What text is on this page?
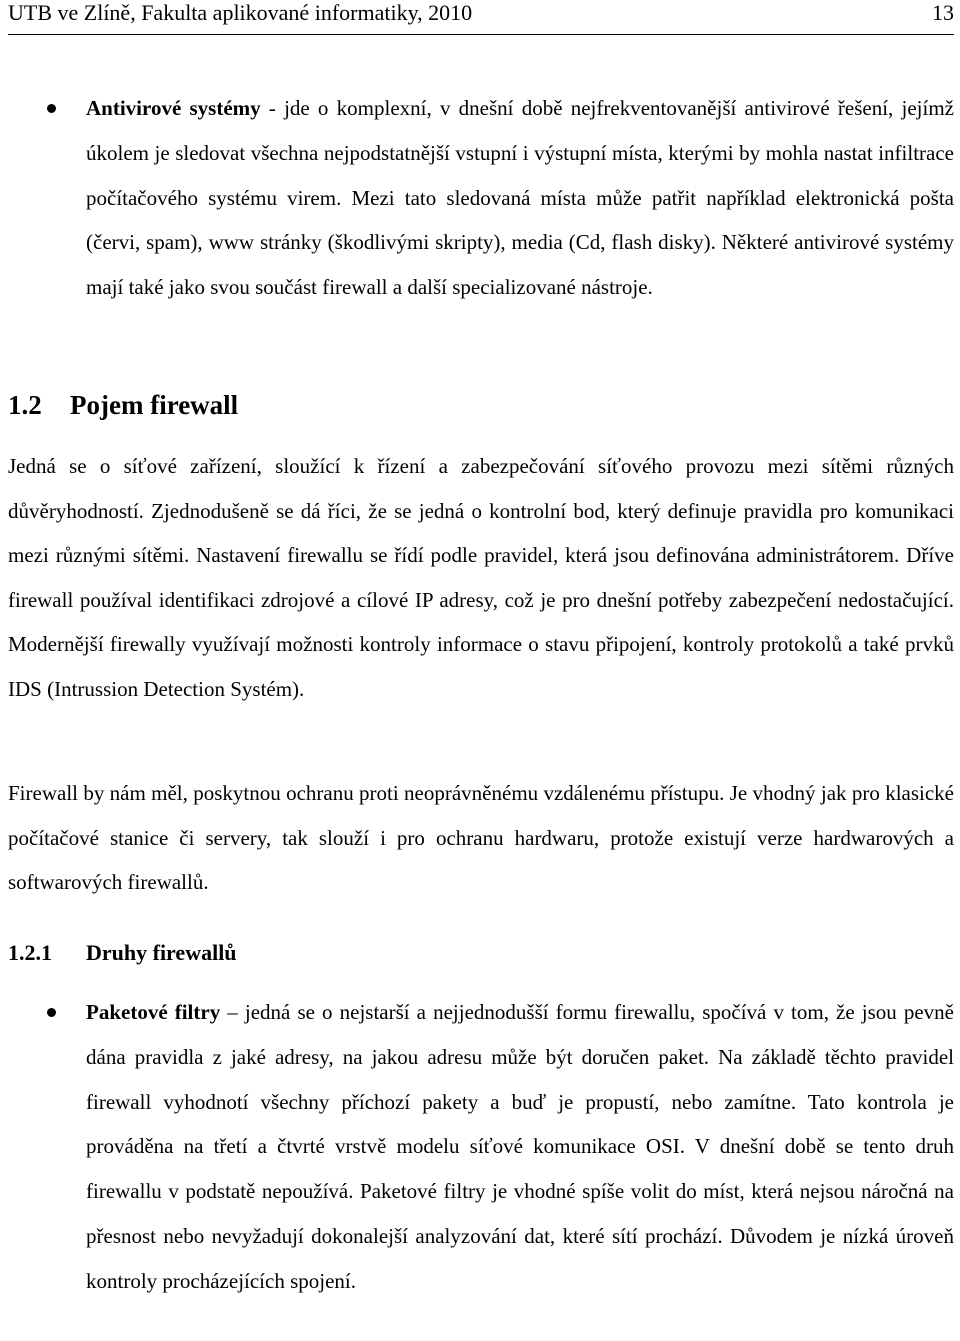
UTB ve Zlíně, Fakulta aplikované informatiky, 2010	13

Antivirové systémy - jde o komplexní, v dnešní době nejfrekventovanější antivirové řešení, jejímž úkolem je sledovat všechna nejpodstatnější vstupní i výstupní místa, kterými by mohla nastat infiltrace počítačového systému virem. Mezi tato sledovaná místa může patřit například elektronická pošta (červi, spam), www stránky (škodlivými skripty), media (Cd, flash disky). Některé antivirové systémy mají také jako svou součást firewall a další specializované nástroje.

1.2 Pojem firewall

Jedná se o síťové zařízení, sloužící k řízení a zabezpečování síťového provozu mezi sítěmi různých důvěryhodností. Zjednodušeně se dá říci, že se jedná o kontrolní bod, který definuje pravidla pro komunikaci mezi různými sítěmi. Nastavení firewallu se řídí podle pravidel, která jsou definována administrátorem. Dříve firewall používal identifikaci zdrojové a cílové IP adresy, což je pro dnešní potřeby zabezpečení nedostačující. Modernější firewally využívají možnosti kontroly informace o stavu připojení, kontroly protokolů a také prvků IDS (Intrussion Detection Systém).

Firewall by nám měl, poskytnou ochranu proti neoprávněnému vzdálenému přístupu. Je vhodný jak pro klasické počítačové stanice či servery, tak slouží i pro ochranu hardwaru, protože existují verze hardwarových a softwarových firewallů.

1.2.1 Druhy firewallů

Paketové filtry – jedná se o nejstarší a nejjednodušší formu firewallu, spočívá v tom, že jsou pevně dána pravidla z jaké adresy, na jakou adresu může být doručen paket. Na základě těchto pravidel firewall vyhodnotí všechny příchozí pakety a buď je propustí, nebo zamítne. Tato kontrola je prováděna na třetí a čtvrté vrstvě modelu síťové komunikace OSI. V dnešní době se tento druh firewallu v podstatě nepoužívá. Paketové filtry je vhodné spíše volit do míst, která nejsou náročná na přesnost nebo nevyžadují dokonalejší analyzování dat, které sítí prochází. Důvodem je nízká úroveň kontroly procházejících spojení.
